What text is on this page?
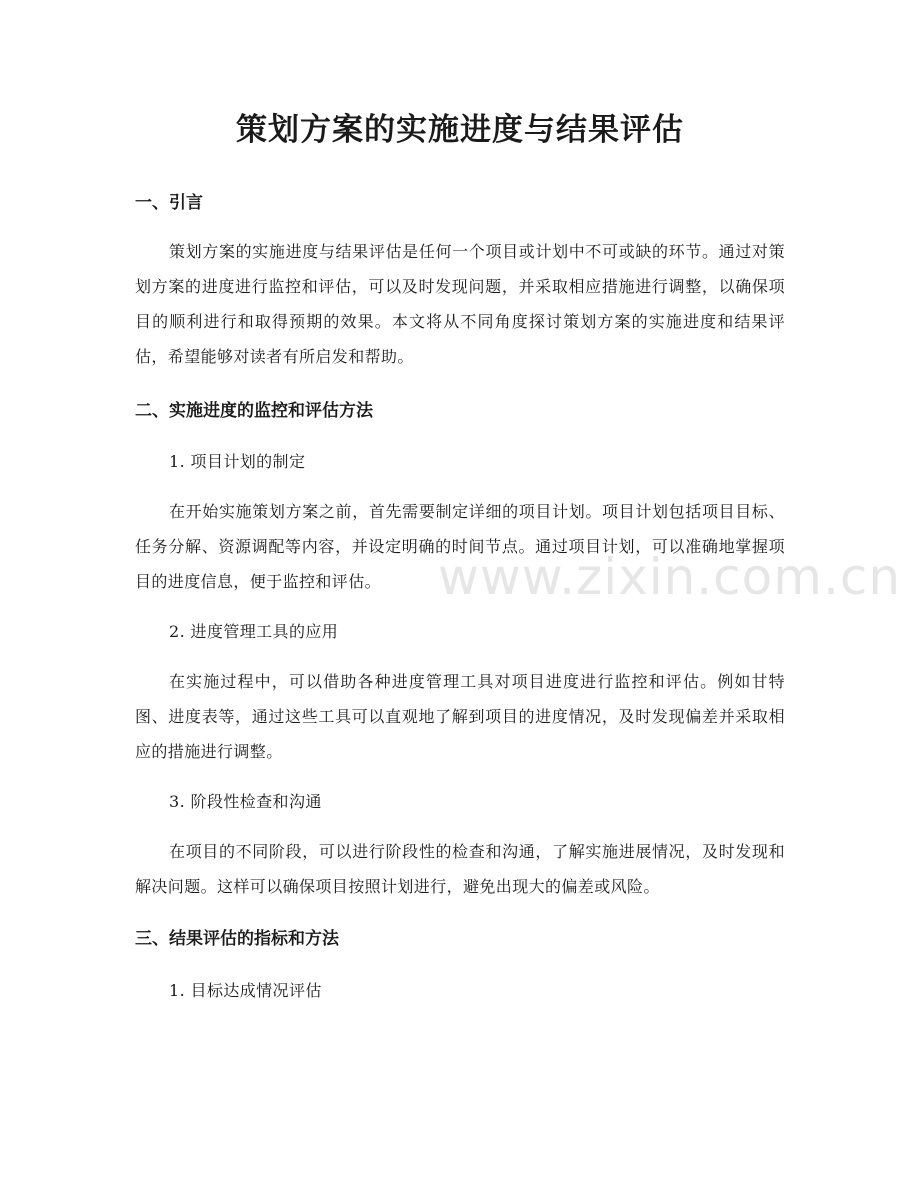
策划方案的实施进度与结果评估
一、引言

策划方案的实施进度与结果评估是任何一个项目或计划中不可或缺的环节。通过对策划方案的进度进行监控和评估，可以及时发现问题，并采取相应措施进行调整，以确保项目的顺利进行和取得预期的效果。本文将从不同角度探讨策划方案的实施进度和结果评估，希望能够对读者有所启发和帮助。

二、实施进度的监控和评估方法
1. 项目计划的制定

在开始实施策划方案之前，首先需要制定详细的项目计划。项目计划包括项目目标、任务分解、资源调配等内容，并设定明确的时间节点。通过项目计划，可以准确地掌握项目的进度信息，便于监控和评估。	www.zixin.com.cn
2. 进度管理工具的应用

在实施过程中，可以借助各种进度管理工具对项目进度进行监控和评估。例如甘特图、进度表等，通过这些工具可以直观地了解到项目的进度情况，及时发现偏差并采取相应的措施进行调整。

3. 阶段性检查和沟通

在项目的不同阶段，可以进行阶段性的检查和沟通，了解实施进展情况，及时发现和解决问题。这样可以确保项目按照计划进行，避免出现大的偏差或风险。

三、结果评估的指标和方法
1. 目标达成情况评估
